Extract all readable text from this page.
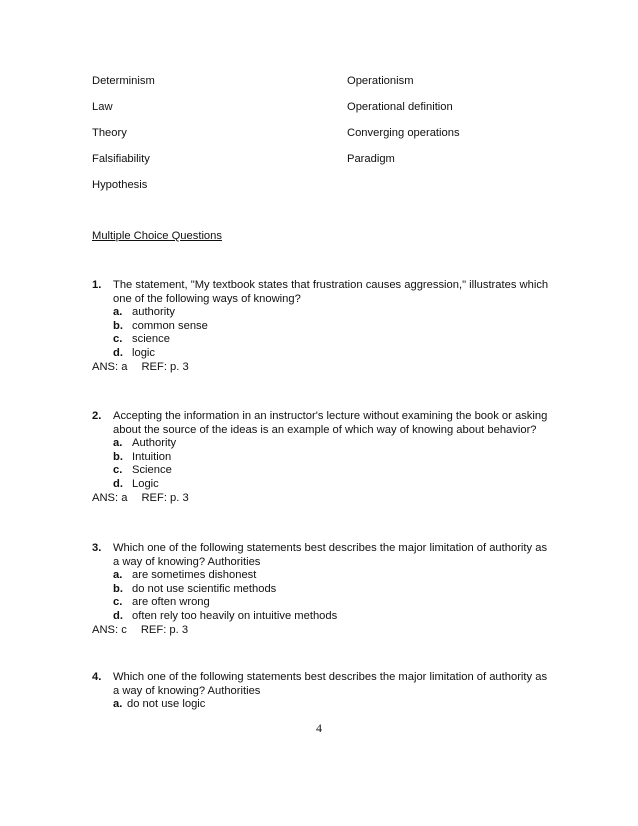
Determinism	Operationism
Law	Operational definition
Theory	Converging operations
Falsifiability	Paradigm
Hypothesis
Multiple Choice Questions
1. The statement, "My textbook states that frustration causes aggression," illustrates which
one of the following ways of knowing?
a. authority
b. common sense
c. science
d. logic
ANS: a REF: p. 3
2. Accepting the information in an instructor's lecture without examining the book or asking
about the source of the ideas is an example of which way of knowing about behavior?
a. Authority
b. Intuition
c. Science
d. Logic
ANS: a REF: p. 3
3. Which one of the following statements best describes the major limitation of authority as
a way of knowing? Authorities
a. are sometimes dishonest
b. do not use scientific methods
c. are often wrong
d. often rely too heavily on intuitive methods
ANS: c REF: p. 3
4. Which one of the following statements best describes the major limitation of authority as
a way of knowing? Authorities
a. do not use logic
4
